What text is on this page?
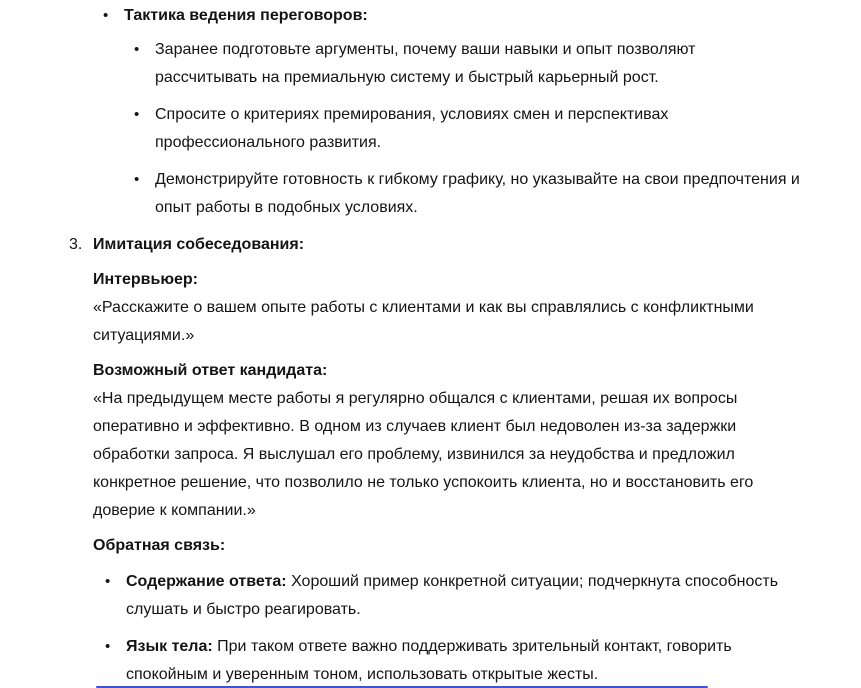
• Тактика ведения переговоров:
• Заранее подготовьте аргументы, почему ваши навыки и опыт позволяют рассчитывать на премиальную систему и быстрый карьерный рост.
• Спросите о критериях премирования, условиях смен и перспективах профессионального развития.
• Демонстрируйте готовность к гибкому графику, но указывайте на свои предпочтения и опыт работы в подобных условиях.
3. Имитация собеседования:
Интервьюер:
«Расскажите о вашем опыте работы с клиентами и как вы справлялись с конфликтными ситуациями.»
Возможный ответ кандидата:
«На предыдущем месте работы я регулярно общался с клиентами, решая их вопросы оперативно и эффективно. В одном из случаев клиент был недоволен из-за задержки обработки запроса. Я выслушал его проблему, извинился за неудобства и предложил конкретное решение, что позволило не только успокоить клиента, но и восстановить его доверие к компании.»
Обратная связь:
• Содержание ответа: Хороший пример конкретной ситуации; подчеркнута способность слушать и быстро реагировать.
• Язык тела: При таком ответе важно поддерживать зрительный контакт, говорить спокойным и уверенным тоном, использовать открытые жесты.
